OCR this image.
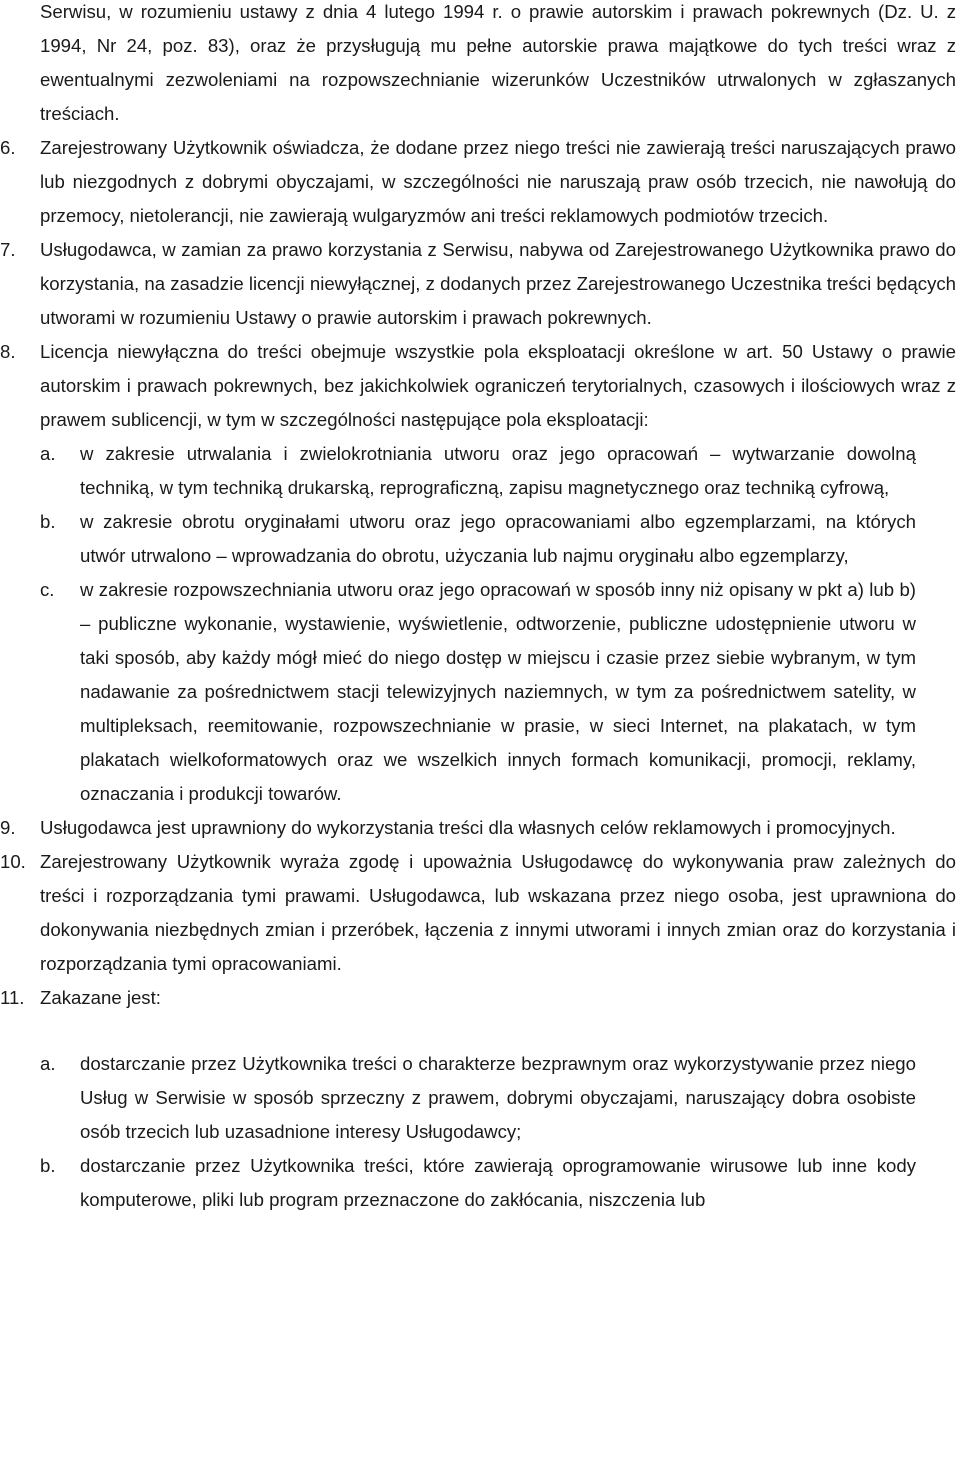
Serwisu, w rozumieniu ustawy z dnia 4 lutego 1994 r. o prawie autorskim i prawach pokrewnych (Dz. U. z 1994, Nr 24, poz. 83), oraz że przysługują mu pełne autorskie prawa majątkowe do tych treści wraz z ewentualnymi zezwoleniami na rozpowszechnianie wizerunków Uczestników utrwalonych w zgłaszanych treściach.

6. Zarejestrowany Użytkownik oświadcza, że dodane przez niego treści nie zawierają treści naruszających prawo lub niezgodnych z dobrymi obyczajami, w szczególności nie naruszają praw osób trzecich, nie nawołują do przemocy, nietolerancji, nie zawierają wulgaryzmów ani treści reklamowych podmiotów trzecich.
7. Usługodawca, w zamian za prawo korzystania z Serwisu, nabywa od Zarejestrowanego Użytkownika prawo do korzystania, na zasadzie licencji niewyłącznej, z dodanych przez Zarejestrowanego Uczestnika treści będących utworami w rozumieniu Ustawy o prawie autorskim i prawach pokrewnych.
8. Licencja niewyłączna do treści obejmuje wszystkie pola eksploatacji określone w art. 50 Ustawy o prawie autorskim i prawach pokrewnych, bez jakichkolwiek ograniczeń terytorialnych, czasowych i ilościowych wraz z prawem sublicencji, w tym w szczególności następujące pola eksploatacji:
a. w zakresie utrwalania i zwielokrotniania utworu oraz jego opracowań – wytwarzanie dowolną techniką, w tym techniką drukarską, reprograficzną, zapisu magnetycznego oraz techniką cyfrową,
b. w zakresie obrotu oryginałami utworu oraz jego opracowaniami albo egzemplarzami, na których utwór utrwalono – wprowadzania do obrotu, użyczania lub najmu oryginału albo egzemplarzy,
c. w zakresie rozpowszechniania utworu oraz jego opracowań w sposób inny niż opisany w pkt a) lub b) – publiczne wykonanie, wystawienie, wyświetlenie, odtworzenie, publiczne udostępnienie utworu w taki sposób, aby każdy mógł mieć do niego dostęp w miejscu i czasie przez siebie wybranym, w tym nadawanie za pośrednictwem stacji telewizyjnych naziemnych, w tym za pośrednictwem satelity, w multipleksach, reemitowanie, rozpowszechnianie w prasie, w sieci Internet, na plakatach, w tym plakatach wielkoformatowych oraz we wszelkich innych formach komunikacji, promocji, reklamy, oznaczania i produkcji towarów.
9. Usługodawca jest uprawniony do wykorzystania treści dla własnych celów reklamowych i promocyjnych.
10. Zarejestrowany Użytkownik wyraża zgodę i upoważnia Usługodawcę do wykonywania praw zależnych do treści i rozporządzania tymi prawami. Usługodawca, lub wskazana przez niego osoba, jest uprawniona do dokonywania niezbędnych zmian i przeróbek, łączenia z innymi utworami i innych zmian oraz do korzystania i rozporządzania tymi opracowaniami.
11. Zakazane jest:
a. dostarczanie przez Użytkownika treści o charakterze bezprawnym oraz wykorzystywanie przez niego Usług w Serwisie w sposób sprzeczny z prawem, dobrymi obyczajami, naruszający dobra osobiste osób trzecich lub uzasadnione interesy Usługodawcy;
b. dostarczanie przez Użytkownika treści, które zawierają oprogramowanie wirusowe lub inne kody komputerowe, pliki lub program przeznaczone do zakłócania, niszczenia lub
